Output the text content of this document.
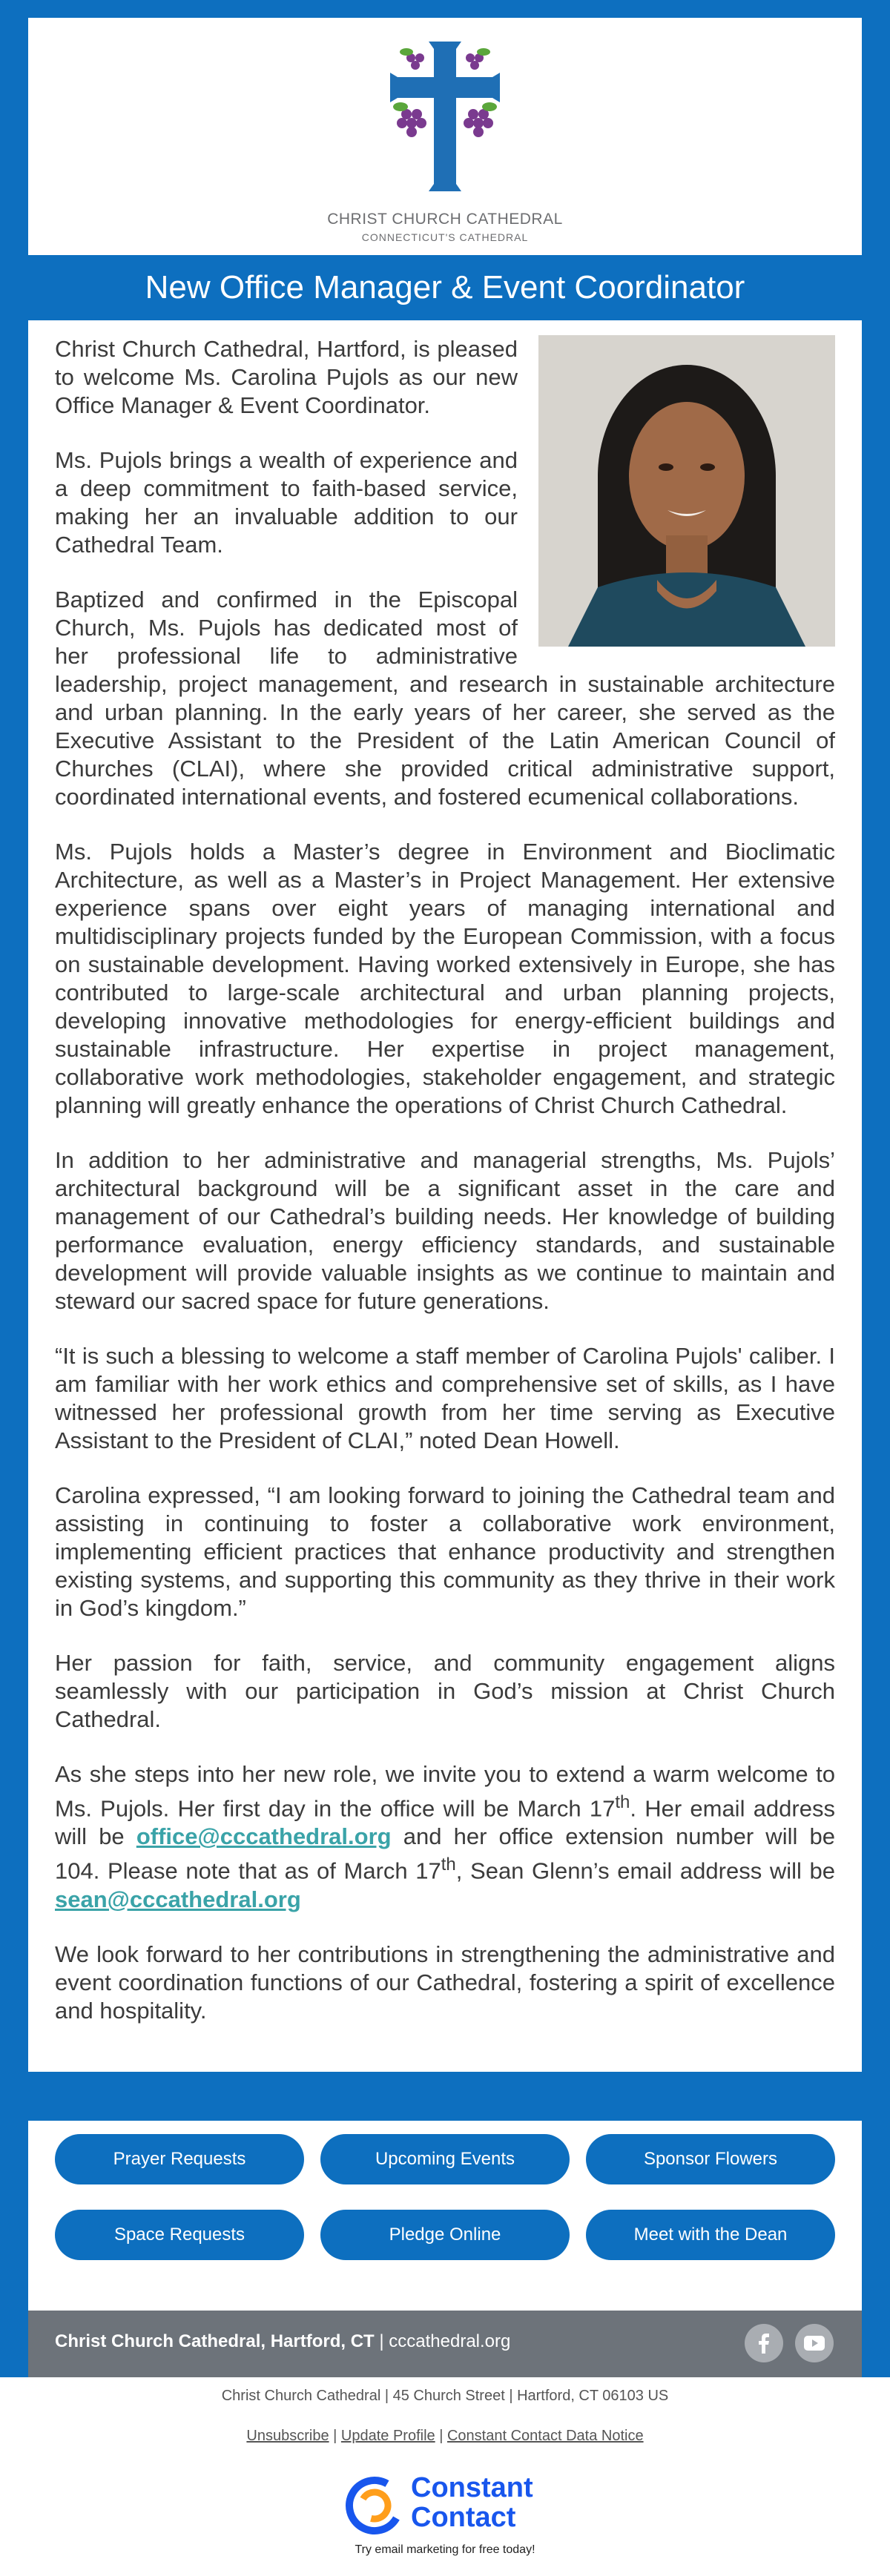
CHRIST CHURCH CATHEDRAL
CONNECTICUT'S CATHEDRAL
New Office Manager & Event Coordinator

Christ Church Cathedral, Hartford, is pleased to welcome Ms. Carolina Pujols as our new Office Manager & Event Coordinator.

Ms. Pujols brings a wealth of experience and a deep commitment to faith-based service, making her an invaluable addition to our Cathedral Team.

Baptized and confirmed in the Episcopal Church, Ms. Pujols has dedicated most of her professional life to administrative leadership, project management, and research in sustainable architecture and urban planning. In the early years of her career, she served as the Executive Assistant to the President of the Latin American Council of Churches (CLAI), where she provided critical administrative support, coordinated international events, and fostered ecumenical collaborations.

Ms. Pujols holds a Master’s degree in Environment and Bioclimatic Architecture, as well as a Master’s in Project Management. Her extensive experience spans over eight years of managing international and multidisciplinary projects funded by the European Commission, with a focus on sustainable development. Having worked extensively in Europe, she has contributed to large-scale architectural and urban planning projects, developing innovative methodologies for energy-efficient buildings and sustainable infrastructure. Her expertise in project management, collaborative work methodologies, stakeholder engagement, and strategic planning will greatly enhance the operations of Christ Church Cathedral.

In addition to her administrative and managerial strengths, Ms. Pujols’ architectural background will be a significant asset in the care and management of our Cathedral’s building needs. Her knowledge of building performance evaluation, energy efficiency standards, and sustainable development will provide valuable insights as we continue to maintain and steward our sacred space for future generations.

“It is such a blessing to welcome a staff member of Carolina Pujols' caliber. I am familiar with her work ethics and comprehensive set of skills, as I have witnessed her professional growth from her time serving as Executive Assistant to the President of CLAI,” noted Dean Howell.

Carolina expressed, “I am looking forward to joining the Cathedral team and assisting in continuing to foster a collaborative work environment, implementing efficient practices that enhance productivity and strengthen existing systems, and supporting this community as they thrive in their work in God’s kingdom.”

Her passion for faith, service, and community engagement aligns seamlessly with our participation in God’s mission at Christ Church Cathedral.

As she steps into her new role, we invite you to extend a warm welcome to Ms. Pujols. Her first day in the office will be March 17th. Her email address will be office@cccathedral.org and her office extension number will be 104. Please note that as of March 17th, Sean Glenn’s email address will be sean@cccathedral.org

We look forward to her contributions in strengthening the administrative and event coordination functions of our Cathedral, fostering a spirit of excellence and hospitality.

Prayer Requests	Upcoming Events	Sponsor Flowers
Space Requests	Pledge Online	Meet with the Dean
Christ Church Cathedral, Hartford, CT | cccathedral.org
Christ Church Cathedral | 45 Church Street | Hartford, CT 06103 US
Unsubscribe | Update Profile | Constant Contact Data Notice
Constant
Contact
Try email marketing for free today!
